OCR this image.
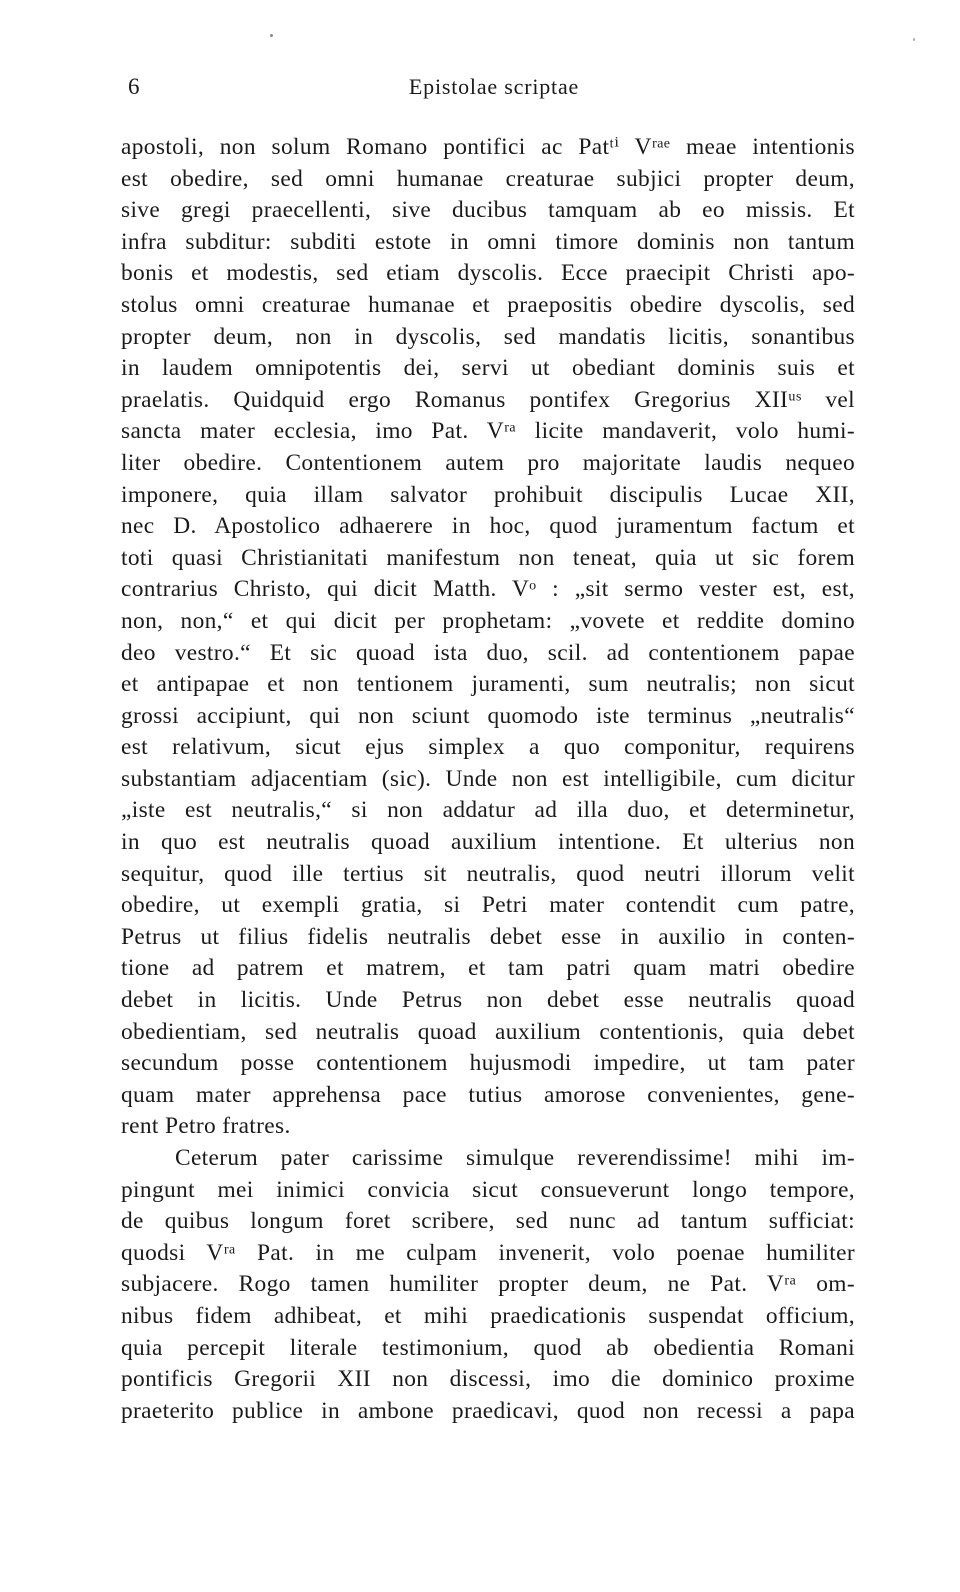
6	Epistolae scriptae
apostoli, non solum Romano pontifici ac Patᵗⁱ Vʳᵃᵉ meae intentionis
est obedire, sed omni humanae creaturae subjici propter deum,
sive gregi praecellenti, sive ducibus tamquam ab eo missis. Et
infra subditur: subditi estote in omni timore dominis non tantum
bonis et modestis, sed etiam dyscolis. Ecce praecipit Christi apo-
stolus omni creaturae humanae et praepositis obedire dyscolis, sed
propter deum, non in dyscolis, sed mandatis licitis, sonantibus
in laudem omnipotentis dei, servi ut obediant dominis suis et
praelatis. Quidquid ergo Romanus pontifex Gregorius XIIᵘˢ vel
sancta mater ecclesia, imo Pat. Vʳᵃ licite mandaverit, volo humi-
liter obedire. Contentionem autem pro majoritate laudis nequeo
imponere, quia illam salvator prohibuit discipulis Lucae XII,
nec D. Apostolico adhaerere in hoc, quod juramentum factum et
toti quasi Christianitati manifestum non teneat, quia ut sic forem
contrarius Christo, qui dicit Matth. Vᵒ : „sit sermo vester est, est,
non, non,“ et qui dicit per prophetam: „vovete et reddite domino
deo vestro.“ Et sic quoad ista duo, scil. ad contentionem papae
et antipapae et non tentionem juramenti, sum neutralis; non sicut
grossi accipiunt, qui non sciunt quomodo iste terminus „neutralis“
est relativum, sicut ejus simplex a quo componitur, requirens
substantiam adjacentiam (sic). Unde non est intelligibile, cum dicitur
„iste est neutralis,“ si non addatur ad illa duo, et determinetur,
in quo est neutralis quoad auxilium intentione. Et ulterius non
sequitur, quod ille tertius sit neutralis, quod neutri illorum velit
obedire, ut exempli gratia, si Petri mater contendit cum patre,
Petrus ut filius fidelis neutralis debet esse in auxilio in conten-
tione ad patrem et matrem, et tam patri quam matri obedire
debet in licitis. Unde Petrus non debet esse neutralis quoad
obedientiam, sed neutralis quoad auxilium contentionis, quia debet
secundum posse contentionem hujusmodi impedire, ut tam pater
quam mater apprehensa pace tutius amorose convenientes, gene-
rent Petro fratres.
Ceterum pater carissime simulque reverendissime! mihi im-
pingunt mei inimici convicia sicut consueverunt longo tempore,
de quibus longum foret scribere, sed nunc ad tantum sufficiat:
quodsi Vʳᵃ Pat. in me culpam invenerit, volo poenae humiliter
subjacere. Rogo tamen humiliter propter deum, ne Pat. Vʳᵃ om-
nibus fidem adhibeat, et mihi praedicationis suspendat officium,
quia percepit literale testimonium, quod ab obedientia Romani
pontificis Gregorii XII non discessi, imo die dominico proxime
praeterito publice in ambone praedicavi, quod non recessi a papa
